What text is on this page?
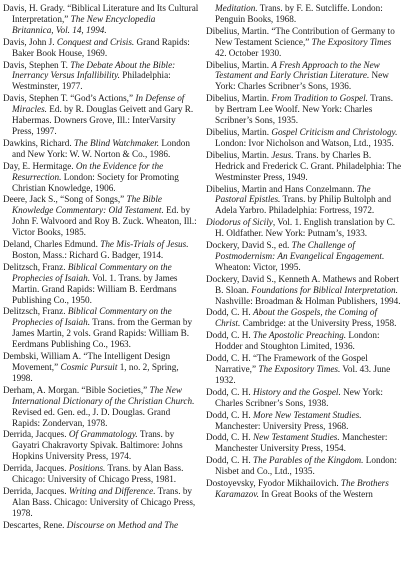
Davis, H. Grady. “Biblical Literature and Its Cultural Interpretation,” The New Encyclopedia Britannica, Vol. 14, 1994.

Davis, John J. Conquest and Crisis. Grand Rapids: Baker Book House, 1969.

Davis, Stephen T. The Debate About the Bible: Inerrancy Versus Infallibility. Philadelphia: Westminster, 1977.

Davis, Stephen T. “God’s Actions,” In Defense of Miracles. Ed. by R. Douglas Geivett and Gary R. Habermas. Downers Grove, Ill.: InterVarsity Press, 1997.

Dawkins, Richard. The Blind Watchmaker. London and New York: W. W. Norton & Co., 1986.

Day, E. Hermitage. On the Evidence for the Resurrection. London: Society for Promoting Christian Knowledge, 1906.

Deere, Jack S., “Song of Songs,” The Bible Knowledge Commentary: Old Testament. Ed. by John F. Walvoord and Roy B. Zuck. Wheaton, Ill.: Victor Books, 1985.

Deland, Charles Edmund. The Mis-Trials of Jesus. Boston, Mass.: Richard G. Badger, 1914.

Delitzsch, Franz. Biblical Commentary on the Prophecies of Isaiah. Vol. 1. Trans. by James Martin. Grand Rapids: William B. Eerdmans Publishing Co., 1950.

Delitzsch, Franz. Biblical Commentary on the Prophecies of Isaiah. Trans. from the German by James Martin, 2 vols. Grand Rapids: William B. Eerdmans Publishing Co., 1963.

Dembski, William A. “The Intelligent Design Movement,” Cosmic Pursuit 1, no. 2, Spring, 1998.

Derham, A. Morgan. “Bible Societies,” The New International Dictionary of the Christian Church. Revised ed. Gen. ed., J. D. Douglas. Grand Rapids: Zondervan, 1978.

Derrida, Jacques. Of Grammatology. Trans. by Gayatri Chakravorty Spivak. Baltimore: Johns Hopkins University Press, 1974.

Derrida, Jacques. Positions. Trans. by Alan Bass. Chicago: University of Chicago Press, 1981.

Derrida, Jacques. Writing and Difference. Trans. by Alan Bass. Chicago: University of Chicago Press, 1978.

Descartes, Rene. Discourse on Method and The

Meditation. Trans. by F. E. Sutcliffe. London: Penguin Books, 1968.

Dibelius, Martin. “The Contribution of Germany to New Testament Science,” The Expository Times 42. October 1930.

Dibelius, Martin. A Fresh Approach to the New Testament and Early Christian Literature. New York: Charles Scribner’s Sons, 1936.

Dibelius, Martin. From Tradition to Gospel. Trans. by Bertram Lee Woolf. New York: Charles Scribner’s Sons, 1935.

Dibelius, Martin. Gospel Criticism and Christology. London: Ivor Nicholson and Watson, Ltd., 1935.

Dibelius, Martin. Jesus. Trans. by Charles B. Hedrick and Frederick C. Grant. Philadelphia: The Westminster Press, 1949.

Dibelius, Martin and Hans Conzelmann. The Pastoral Epistles. Trans. by Philip Bultolph and Adela Yarbro. Philadelphia: Fortress, 1972.

Diodorus of Sicily, Vol. 1. English translation by C. H. Oldfather. New York: Putnam’s, 1933.

Dockery, David S., ed. The Challenge of Postmodernism: An Evangelical Engagement. Wheaton: Victor, 1995.

Dockery, David S., Kenneth A. Mathews and Robert B. Sloan. Foundations for Biblical Interpretation. Nashville: Broadman & Holman Publishers, 1994.

Dodd, C. H. About the Gospels, the Coming of Christ. Cambridge: at the University Press, 1958.

Dodd, C. H. The Apostolic Preaching. London: Hodder and Stoughton Limited, 1936.

Dodd, C. H. “The Framework of the Gospel Narrative,” The Expository Times. Vol. 43. June 1932.

Dodd, C. H. History and the Gospel. New York: Charles Scribner’s Sons, 1938.

Dodd, C. H. More New Testament Studies. Manchester: University Press, 1968.

Dodd, C. H. New Testament Studies. Manchester: Manchester University Press, 1954.

Dodd, C. H. The Parables of the Kingdom. London: Nisbet and Co., Ltd., 1935.

Dostoyevsky, Fyodor Mikhailovich. The Brothers Karamazov. In Great Books of the Western
